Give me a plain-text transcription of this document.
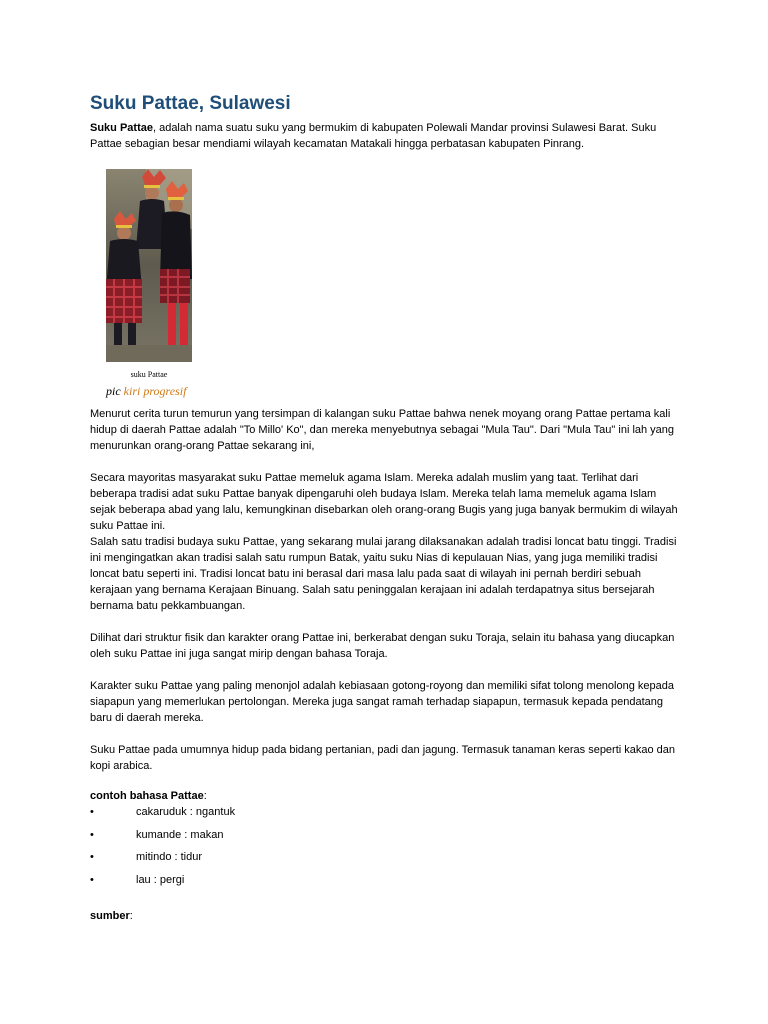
Suku Pattae, Sulawesi

Suku Pattae, adalah nama suatu suku yang bermukim di kabupaten Polewali Mandar provinsi Sulawesi Barat. Suku Pattae sebagian besar mendiami wilayah kecamatan Matakali hingga perbatasan kabupaten Pinrang.

suku Pattae

pic kiri progresif

Menurut cerita turun temurun yang tersimpan di kalangan suku Pattae bahwa nenek moyang orang Pattae pertama kali hidup di daerah Pattae adalah "To Millo' Ko", dan mereka menyebutnya sebagai "Mula Tau". Dari "Mula Tau" ini lah yang menurunkan orang-orang Pattae sekarang ini,

Secara mayoritas masyarakat suku Pattae memeluk agama Islam. Mereka adalah muslim yang taat. Terlihat dari beberapa tradisi adat suku Pattae banyak dipengaruhi oleh budaya Islam. Mereka telah lama memeluk agama Islam sejak beberapa abad yang lalu, kemungkinan disebarkan oleh orang-orang Bugis yang juga banyak bermukim di wilayah suku Pattae ini.

Salah satu tradisi budaya suku Pattae, yang sekarang mulai jarang dilaksanakan adalah tradisi loncat batu tinggi. Tradisi ini mengingatkan akan tradisi salah satu rumpun Batak, yaitu suku Nias di kepulauan Nias, yang juga memiliki tradisi loncat batu seperti ini. Tradisi loncat batu ini berasal dari masa lalu pada saat di wilayah ini pernah berdiri sebuah kerajaan yang bernama Kerajaan Binuang. Salah satu peninggalan kerajaan ini adalah terdapatnya situs bersejarah bernama batu pekkambuangan.

Dilihat dari struktur fisik dan karakter orang Pattae ini, berkerabat dengan suku Toraja, selain itu bahasa yang diucapkan oleh suku Pattae ini juga sangat mirip dengan bahasa Toraja.

Karakter suku Pattae yang paling menonjol adalah kebiasaan gotong-royong dan memiliki sifat tolong menolong kepada siapapun yang memerlukan pertolongan. Mereka juga sangat ramah terhadap siapapun, termasuk kepada pendatang baru di daerah mereka.

Suku Pattae pada umumnya hidup pada bidang pertanian, padi dan jagung. Termasuk tanaman keras seperti kakao dan kopi arabica.

contoh bahasa Pattae:

•	cakaruduk : ngantuk
•	kumande : makan
•	mitindo : tidur
•	lau : pergi

sumber:
